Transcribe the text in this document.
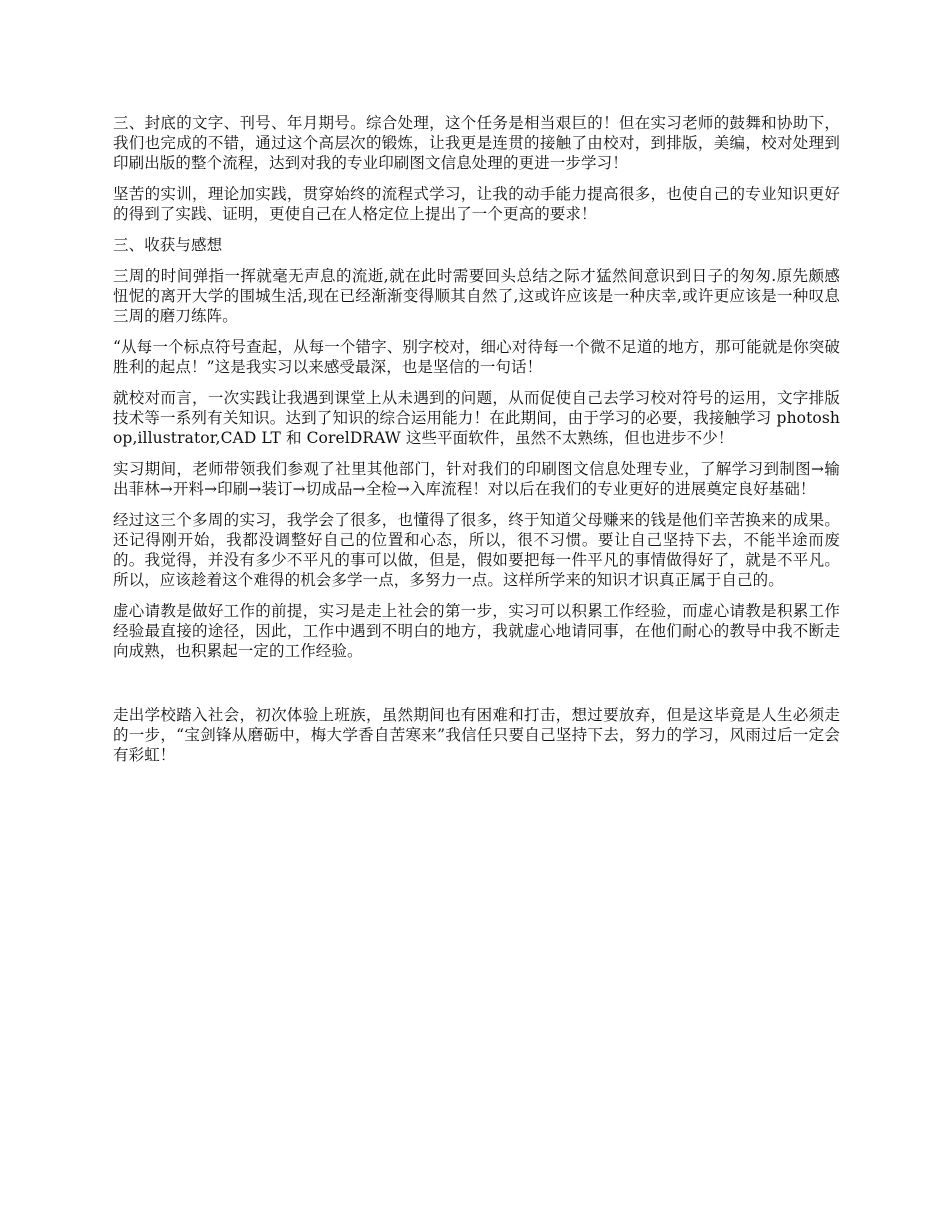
三、封底的文字、刊号、年月期号。综合处理，这个任务是相当艰巨的！但在实习老师的鼓舞和协助下，我们也完成的不错，通过这个高层次的锻炼，让我更是连贯的接触了由校对，到排版，美编，校对处理到印刷出版的整个流程，达到对我的专业印刷图文信息处理的更进一步学习！

坚苦的实训，理论加实践，贯穿始终的流程式学习，让我的动手能力提高很多，也使自己的专业知识更好的得到了实践、证明，更使自己在人格定位上提出了一个更高的要求！

三、收获与感想

三周的时间弹指一挥就毫无声息的流逝,就在此时需要回头总结之际才猛然间意识到日子的匆匆.原先颇感忸怩的离开大学的围城生活,现在已经渐渐变得顺其自然了,这或许应该是一种庆幸,或许更应该是一种叹息三周的磨刀练阵。

“从每一个标点符号查起，从每一个错字、别字校对，细心对待每一个微不足道的地方，那可能就是你突破胜利的起点！”这是我实习以来感受最深，也是坚信的一句话！

就校对而言，一次实践让我遇到课堂上从未遇到的问题，从而促使自己去学习校对符号的运用，文字排版技术等一系列有关知识。达到了知识的综合运用能力！在此期间，由于学习的必要，我接触学习 photoshop,illustrator,CAD LT 和 CorelDRAW 这些平面软件，虽然不太熟练，但也进步不少！

实习期间，老师带领我们参观了社里其他部门，针对我们的印刷图文信息处理专业，了解学习到制图→输出菲林→开料→印刷→装订→切成品→全检→入库流程！对以后在我们的专业更好的进展奠定良好基础！

经过这三个多周的实习，我学会了很多，也懂得了很多，终于知道父母赚来的钱是他们辛苦换来的成果。还记得刚开始，我都没调整好自己的位置和心态，所以，很不习惯。要让自己坚持下去，不能半途而废的。我觉得，并没有多少不平凡的事可以做，但是，假如要把每一件平凡的事情做得好了，就是不平凡。所以，应该趁着这个难得的机会多学一点，多努力一点。这样所学来的知识才识真正属于自己的。

虚心请教是做好工作的前提，实习是走上社会的第一步，实习可以积累工作经验，而虚心请教是积累工作经验最直接的途径，因此，工作中遇到不明白的地方，我就虚心地请同事，在他们耐心的教导中我不断走向成熟，也积累起一定的工作经验。

走出学校踏入社会，初次体验上班族，虽然期间也有困难和打击，想过要放弃，但是这毕竟是人生必须走的一步，“宝剑锋从磨砺中，梅大学香自苦寒来”我信任只要自己坚持下去，努力的学习，风雨过后一定会有彩虹！
